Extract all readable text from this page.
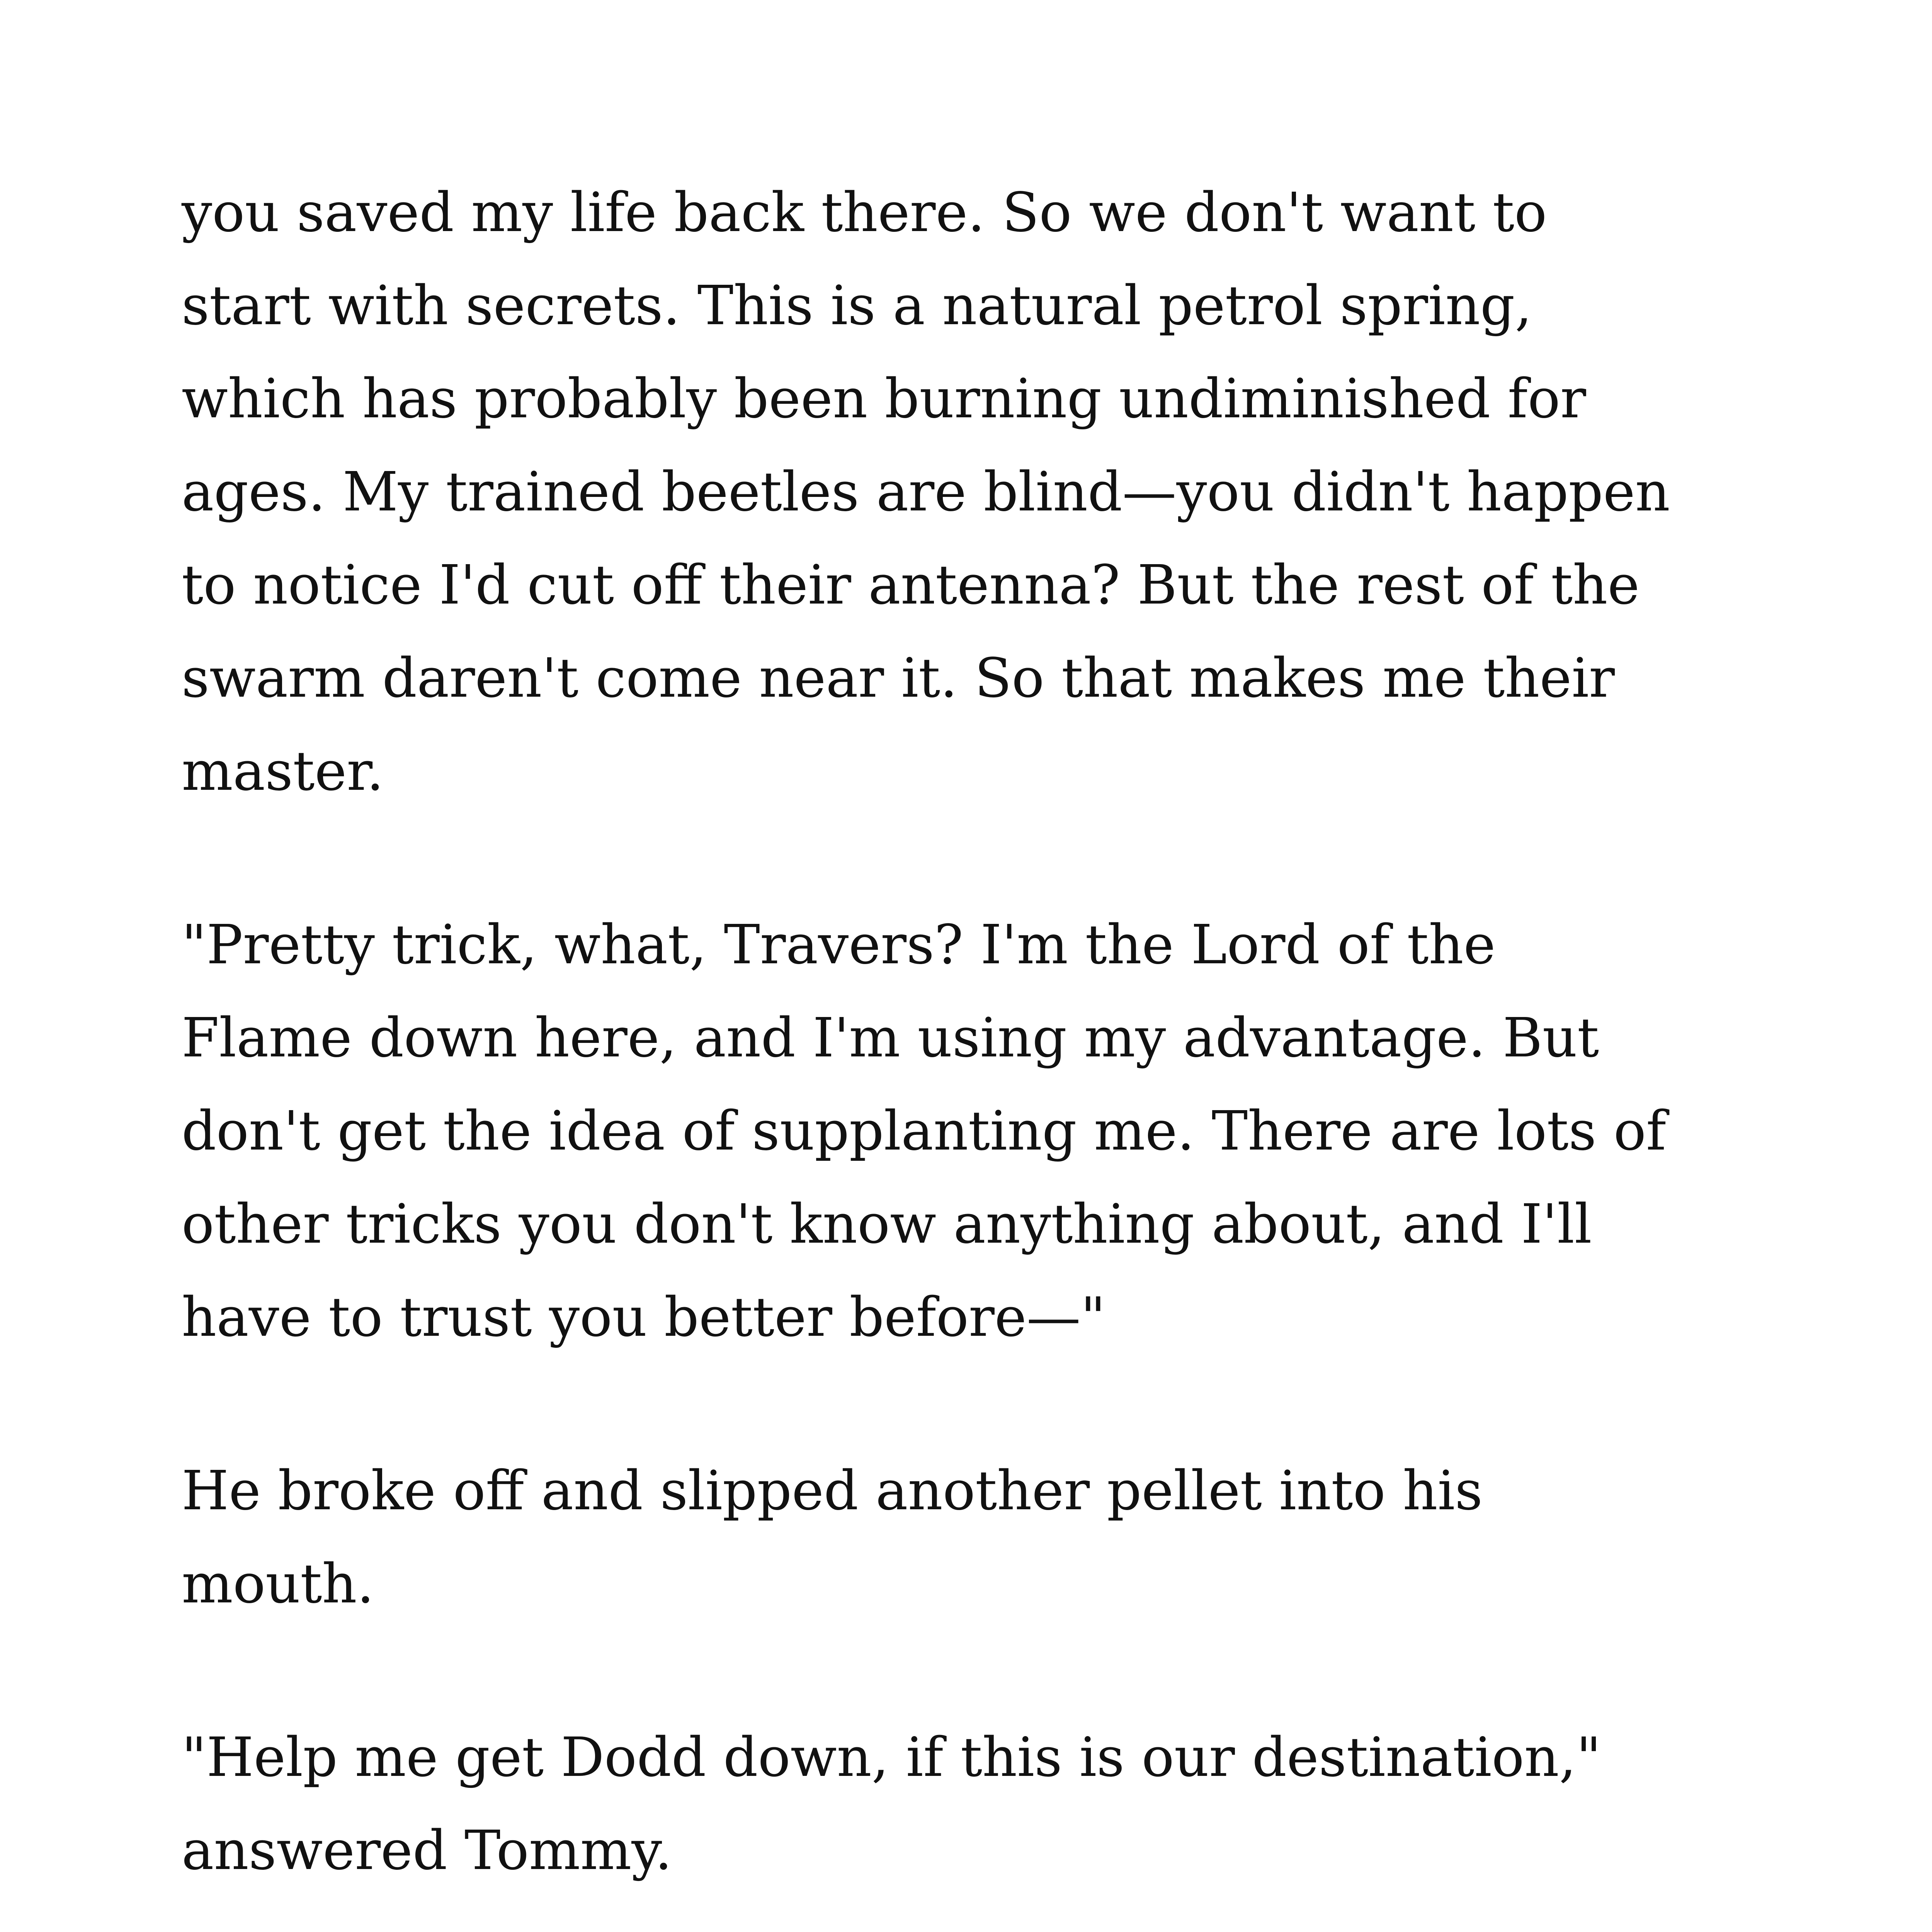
you saved my life back there. So we don't want to
start with secrets. This is a natural petrol spring,
which has probably been burning undiminished for
ages. My trained beetles are blind—you didn't happen
to notice I'd cut off their antenna? But the rest of the
swarm daren't come near it. So that makes me their
master.

"Pretty trick, what, Travers? I'm the Lord of the
Flame down here, and I'm using my advantage. But
don't get the idea of supplanting me. There are lots of
other tricks you don't know anything about, and I'll
have to trust you better before—"

He broke off and slipped another pellet into his
mouth.

"Help me get Dodd down, if this is our destination,"
answered Tommy.
